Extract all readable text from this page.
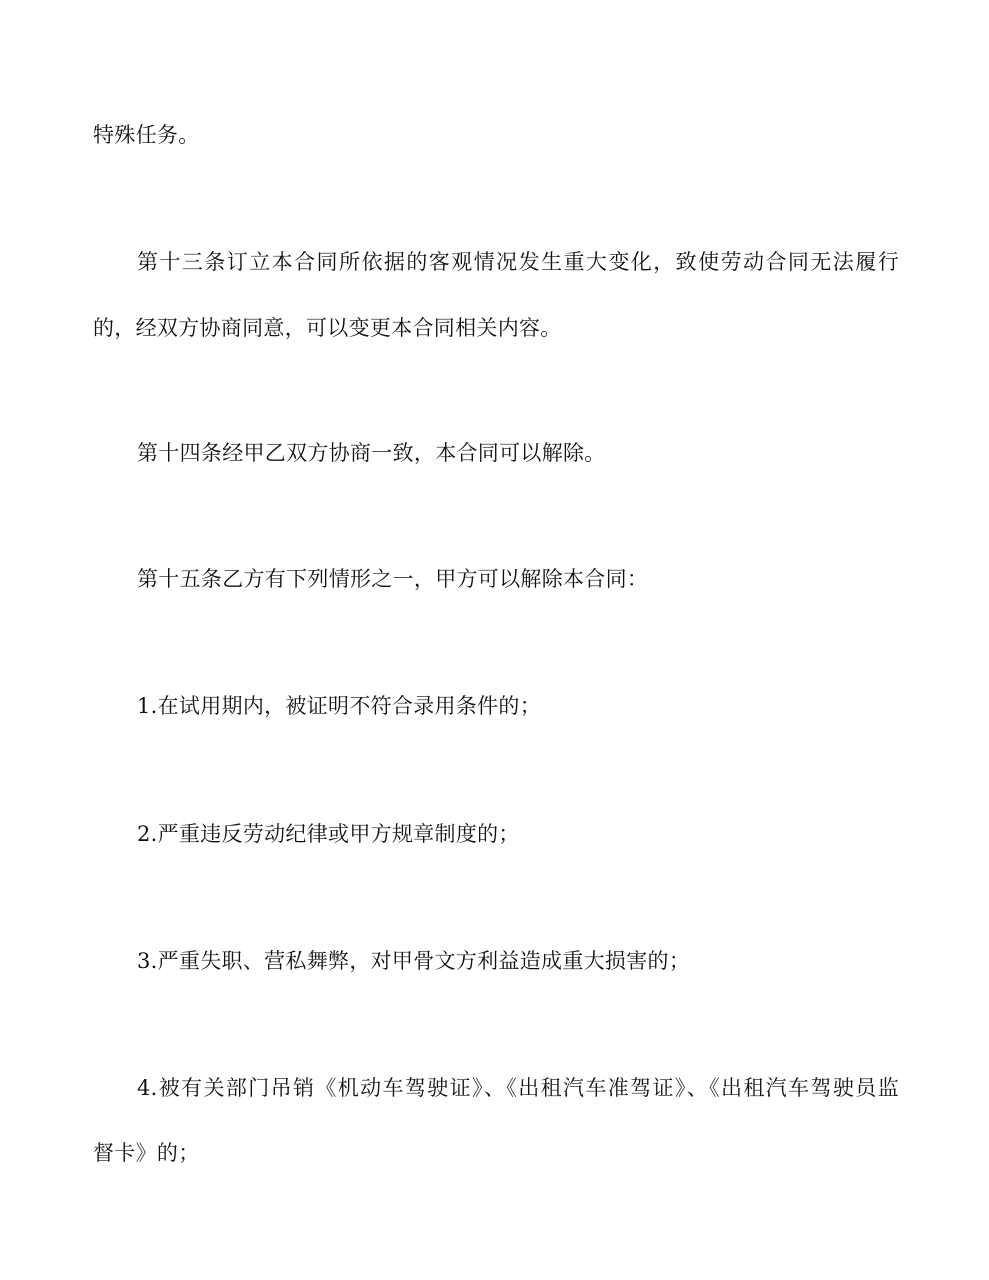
特殊任务。
第十三条订立本合同所依据的客观情况发生重大变化，致使劳动合同无法履行
的，经双方协商同意，可以变更本合同相关内容。
第十四条经甲乙双方协商一致，本合同可以解除。
第十五条乙方有下列情形之一，甲方可以解除本合同：
1.在试用期内，被证明不符合录用条件的；
2.严重违反劳动纪律或甲方规章制度的；
3.严重失职、营私舞弊，对甲骨文方利益造成重大损害的；
4.被有关部门吊销《机动车驾驶证》、《出租汽车准驾证》、《出租汽车驾驶员监
督卡》的；
